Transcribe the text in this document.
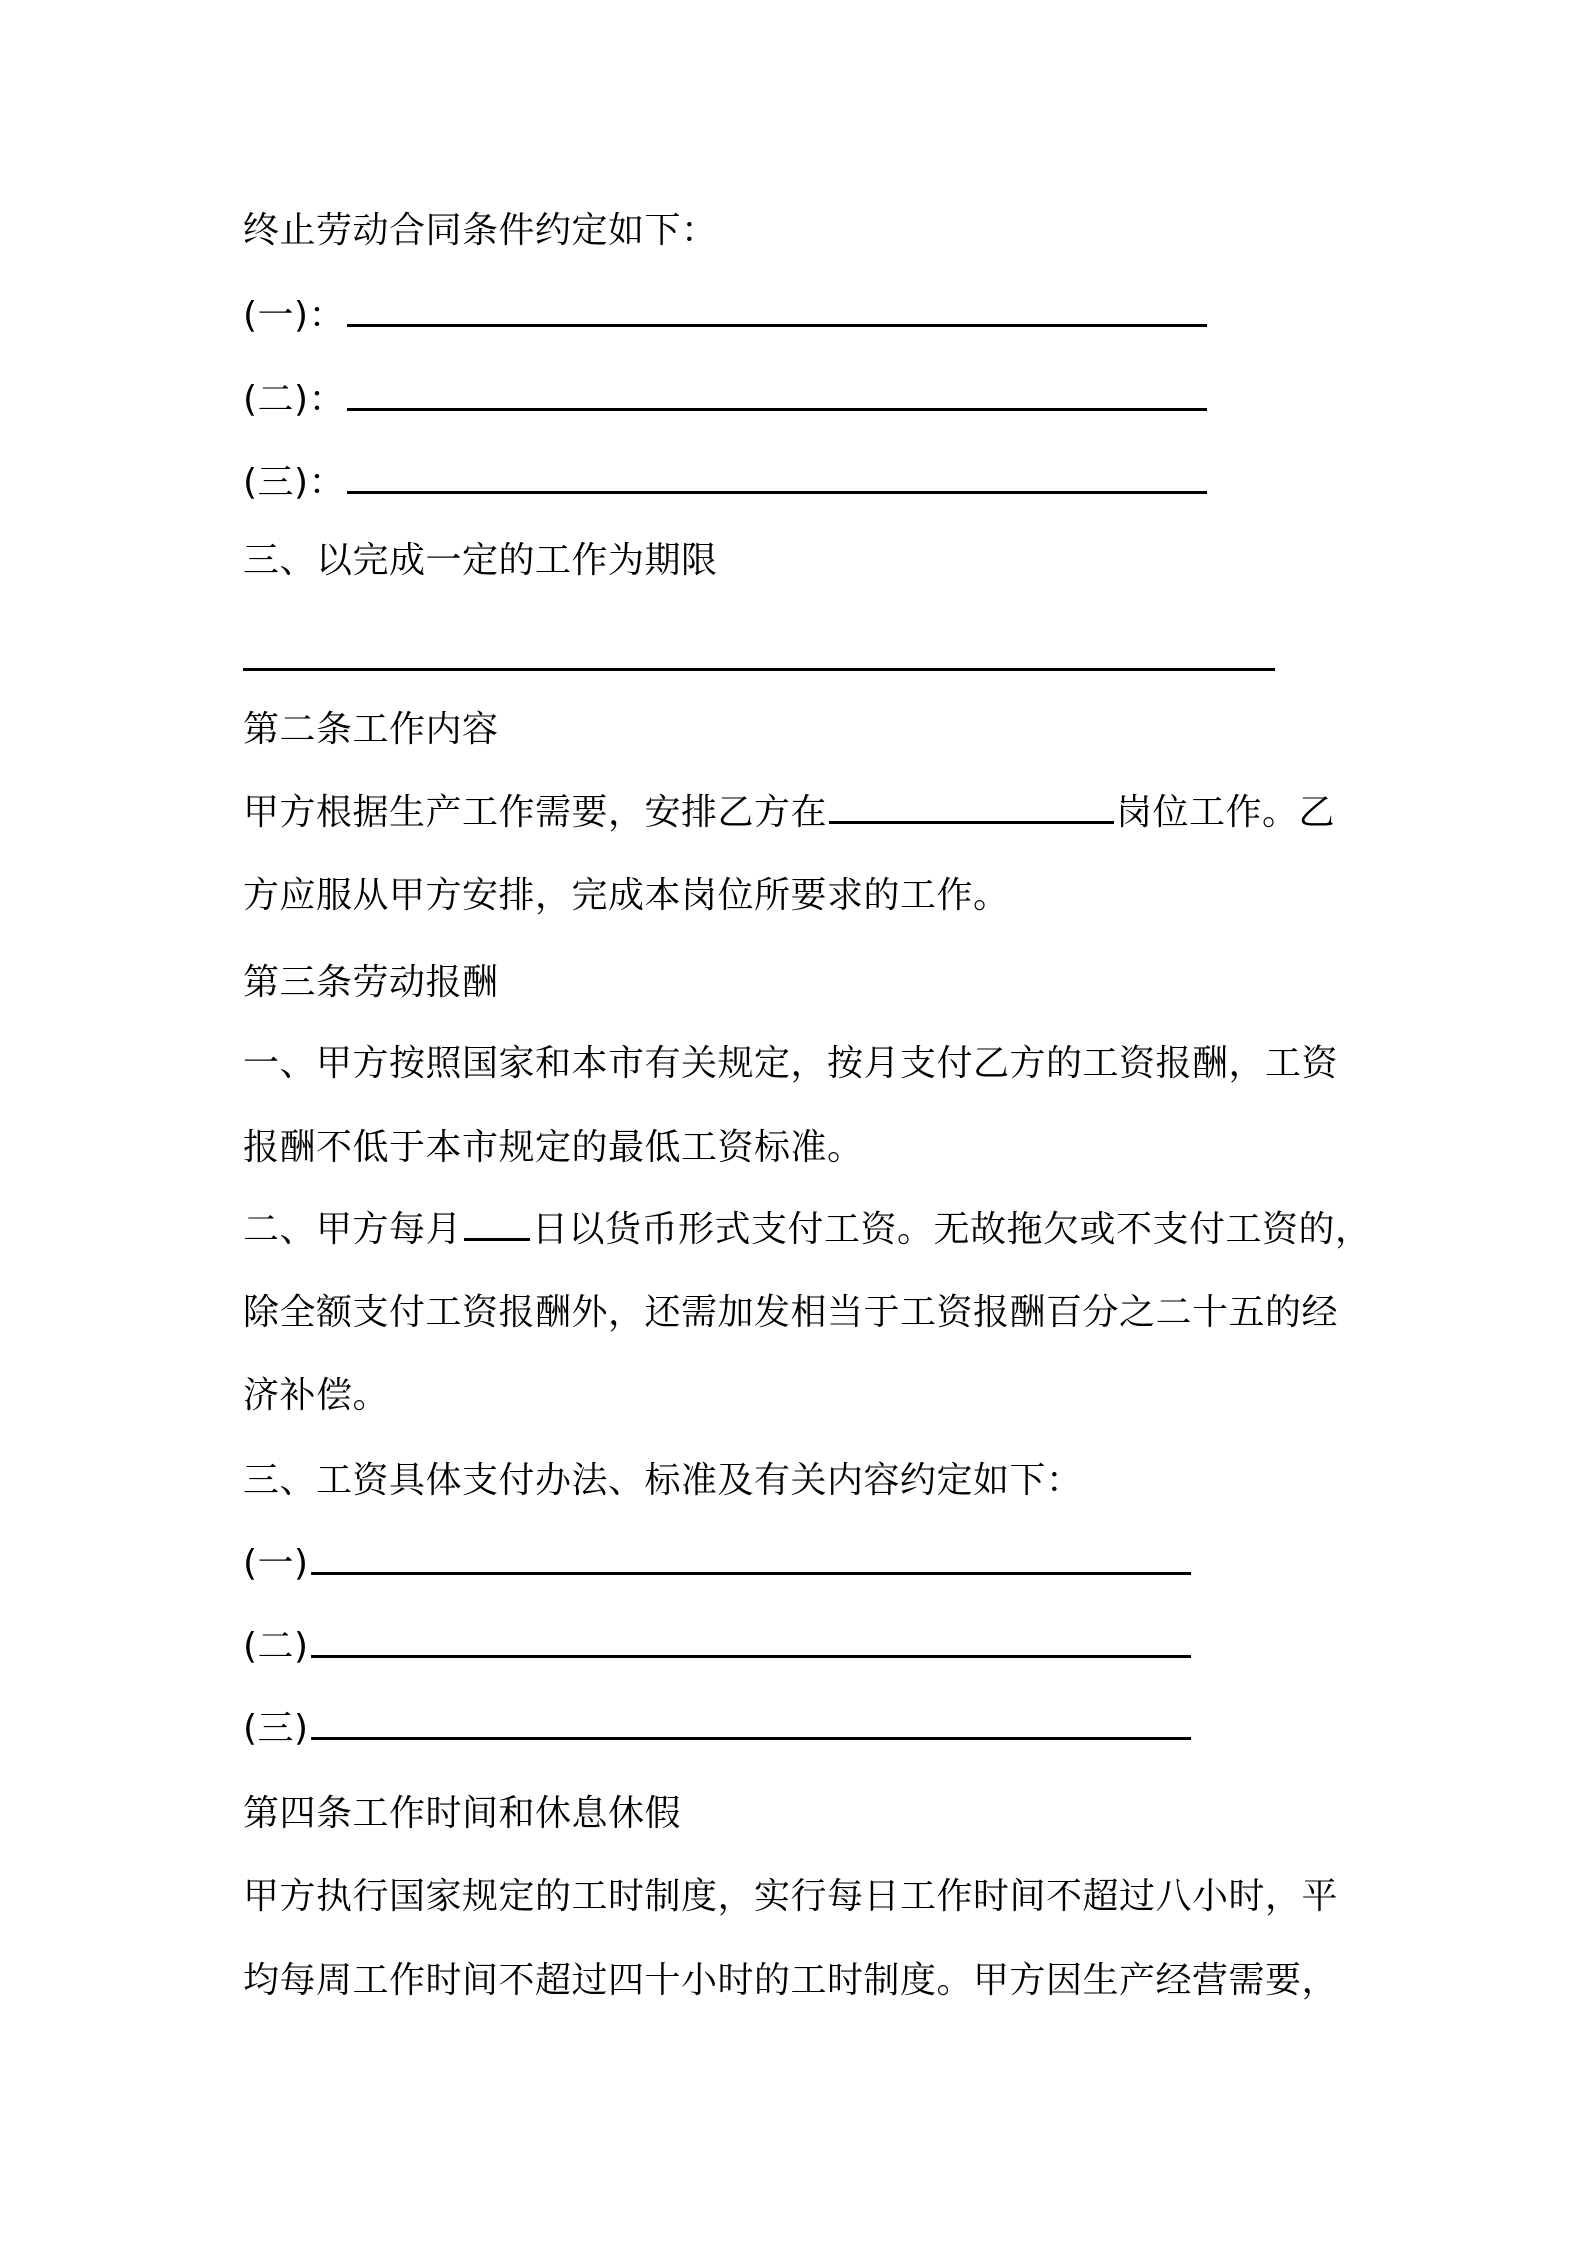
终止劳动合同条件约定如下：
(一)：
(二)：
(三)：
三、以完成一定的工作为期限
第二条工作内容
甲方根据生产工作需要，安排乙方在	岗位工作。乙
方应服从甲方安排，完成本岗位所要求的工作。
第三条劳动报酬
一、甲方按照国家和本市有关规定，按月支付乙方的工资报酬，工资
报酬不低于本市规定的最低工资标准。
二、甲方每月 日以货币形式支付工资。无故拖欠或不支付工资的，
除全额支付工资报酬外，还需加发相当于工资报酬百分之二十五的经
济补偿。
三、工资具体支付办法、标准及有关内容约定如下：
(一)
(二)
(三)
第四条工作时间和休息休假
甲方执行国家规定的工时制度，实行每日工作时间不超过八小时，平
均每周工作时间不超过四十小时的工时制度。甲方因生产经营需要，
